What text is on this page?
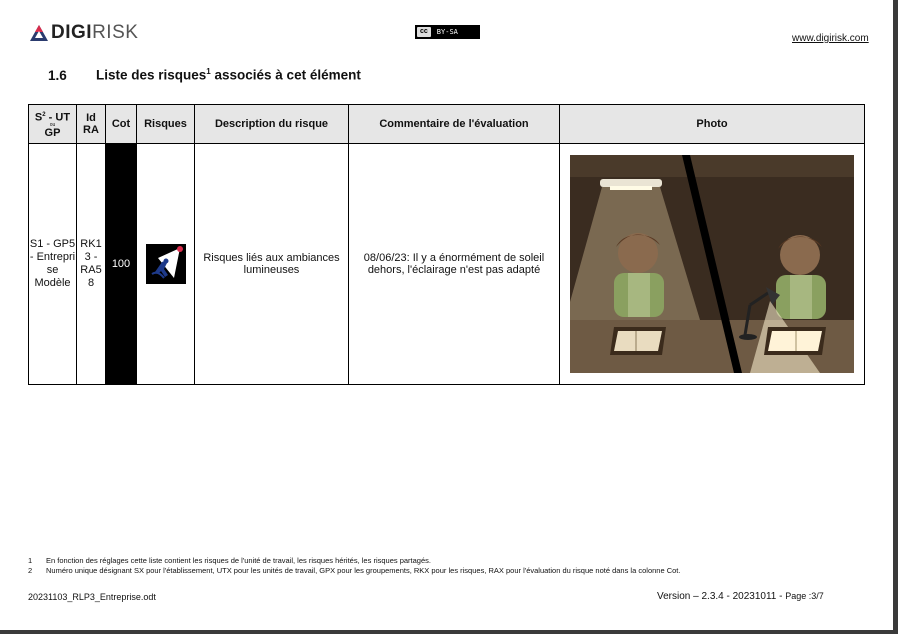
DIGI RISK	cc	BY-SA
www.digirisk.com
1.6 Liste des risques$^1$ associés à cet élément
$S^2$ - UT
ou
GP	Id RA	Cot	Risques	Description du risque	Commentaire de l'évaluation	Photo
S1 - GP5 - Entrepri se Modèle	RK1 3 - RA5 8	100		Risques liés aux ambiances lumineuses	08/06/23: Il y a énormément de soleil dehors, l'éclairage n'est pas adapté	
1	En fonction des réglages cette liste contient les risques de l'unité de travail, les risques hérités, les risques partagés.
2	Numéro unique désignant SX pour l'établissement, UTX pour les unités de travail, GPX pour les groupements, RKX pour les risques, RAX pour l'évaluation du risque noté dans la colonne Cot.
20231103_RLP3_Entreprise.odt	Version – 2.3.4 - 20231011 - Page :3/7
